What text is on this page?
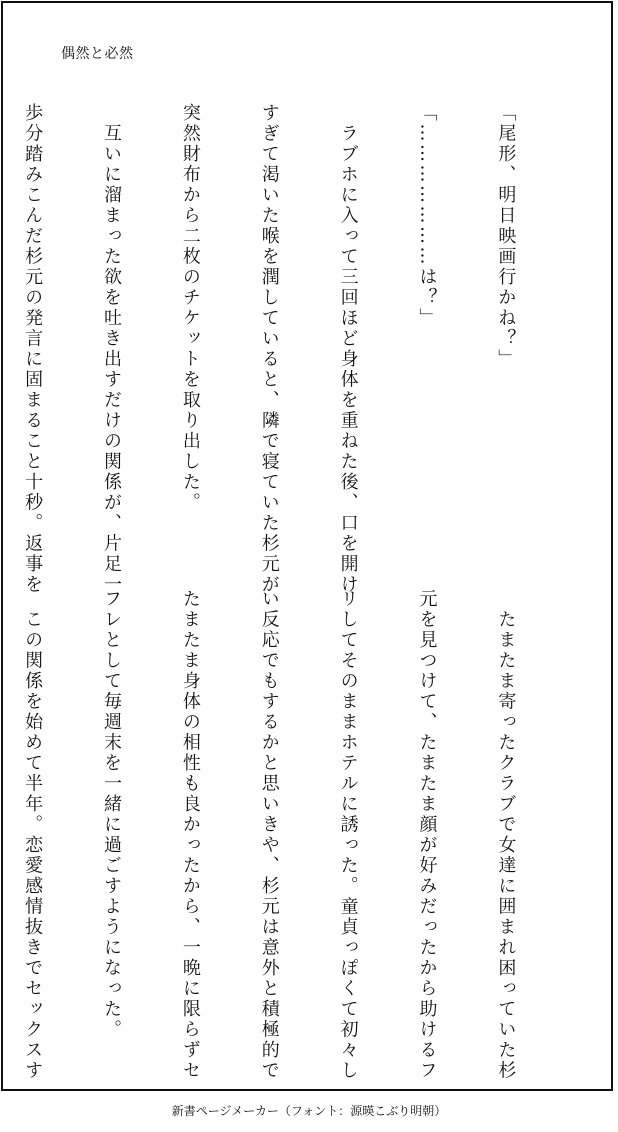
偶然と必然

「尾形、明日映画行かね？」

「…………………は？」

　ラブホに入って三回ほど身体を重ねた後、口を開け

すぎて渇いた喉を潤していると、隣で寝ていた杉元が

突然財布から二枚のチケットを取り出した。

　互いに溜まった欲を吐き出すだけの関係が、片足一

歩分踏みこんだ杉元の発言に固まること十秒。返事を

　たまたま寄ったクラブで女達に囲まれ困っていた杉

元を見つけて、たまたま顔が好みだったから助けるフ

リしてそのままホテルに誘った。童貞っぽくて初々し

い反応でもするかと思いきや、杉元は意外と積極的で

たまたま身体の相性も良かったから、一晩に限らずセ

フレとして毎週末を一緒に過ごすようになった。

　この関係を始めて半年。恋愛感情抜きでセックスす

新書ページメーカー（フォント：源暎こぶり明朝）
